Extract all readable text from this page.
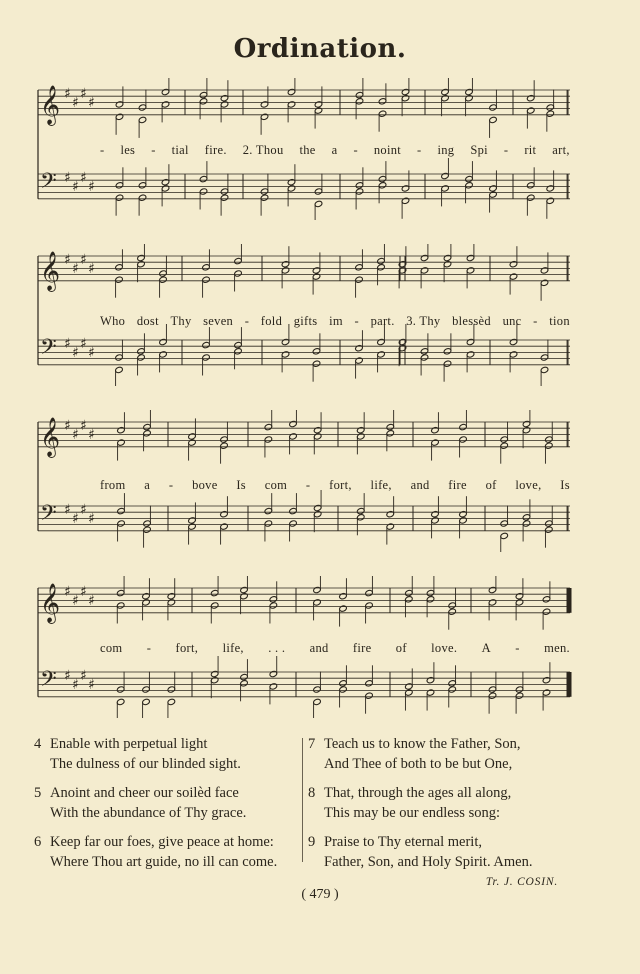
Ordination.
𝄞 ♯
♯
♯
♯
𝄢 ♯
♯
♯
♯
- les - tial fire. 2. Thou the a - noint - ing Spi - rit art,
𝄞 ♯
♯
♯
♯
𝄢 ♯
♯
♯
♯
Who dost Thy seven - fold gifts im - part. 3. Thy blessèd unc - tion
𝄞 ♯
♯
♯
♯
𝄢 ♯
♯
♯
♯
from a - bove Is com - fort, life, and fire of love, Is
𝄞 ♯
♯
♯
♯
𝄢 ♯
♯
♯
♯
com - fort, life, . . . and fire of love. A - men.
4 Enable with perpetual light
The dulness of our blinded sight.
5 Anoint and cheer our soilèd face
With the abundance of Thy grace.
6 Keep far our foes, give peace at home:
Where Thou art guide, no ill can come.
7 Teach us to know the Father, Son,
And Thee of both to be but One,
8 That, through the ages all along,
This may be our endless song:
9 Praise to Thy eternal merit,
Father, Son, and Holy Spirit. Amen.
Tr. J. COSIN.
( 479 )
